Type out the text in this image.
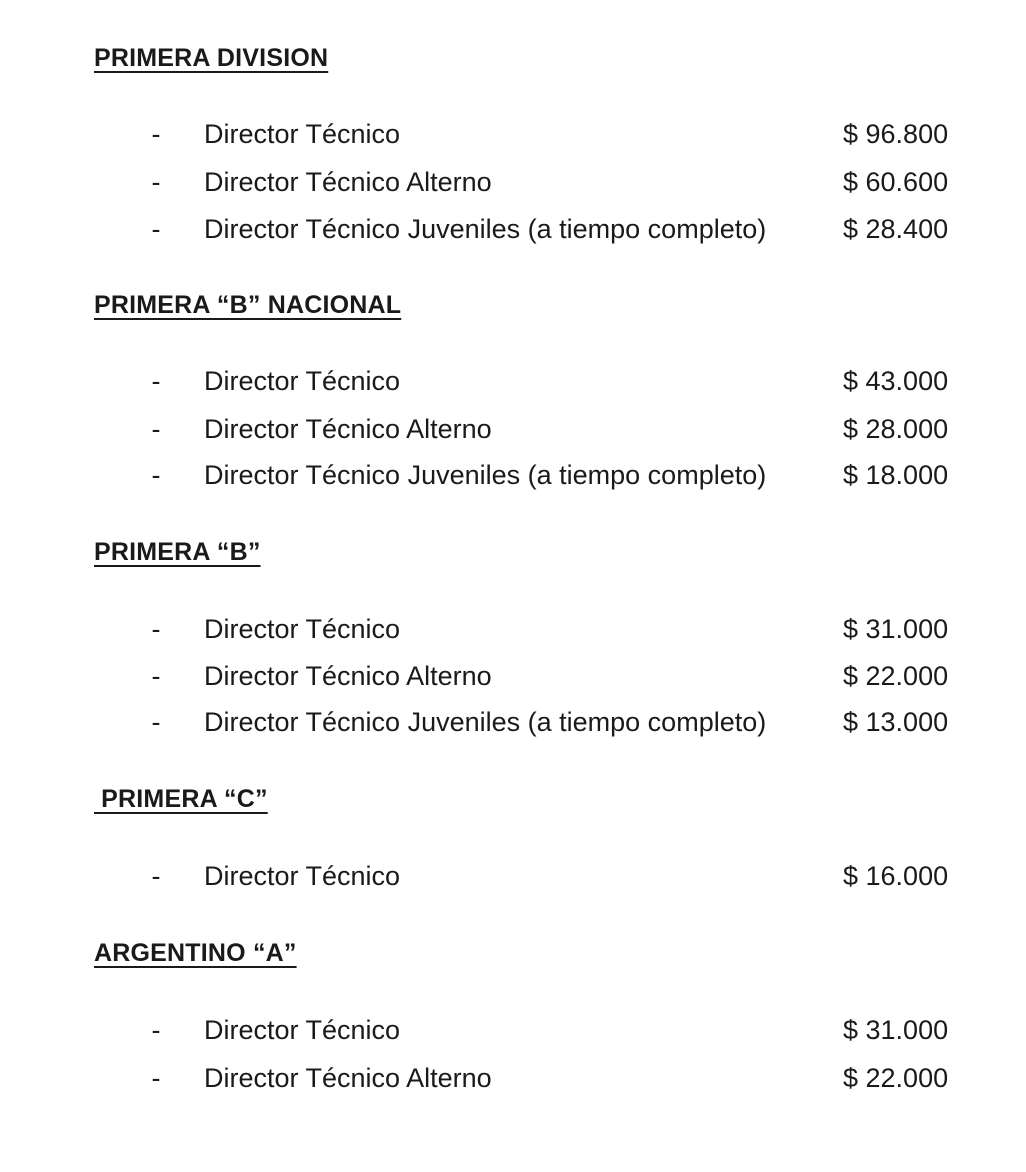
PRIMERA DIVISION
- Director Técnico	$ 96.800
- Director Técnico Alterno	$ 60.600
- Director Técnico Juveniles (a tiempo completo)	$ 28.400
PRIMERA “B” NACIONAL
- Director Técnico	$ 43.000
- Director Técnico Alterno	$ 28.000
- Director Técnico Juveniles (a tiempo completo)	$ 18.000
PRIMERA “B”
- Director Técnico	$ 31.000
- Director Técnico Alterno	$ 22.000
- Director Técnico Juveniles (a tiempo completo)	$ 13.000
PRIMERA “C”
- Director Técnico	$ 16.000
ARGENTINO “A”
- Director Técnico	$ 31.000
- Director Técnico Alterno	$ 22.000
